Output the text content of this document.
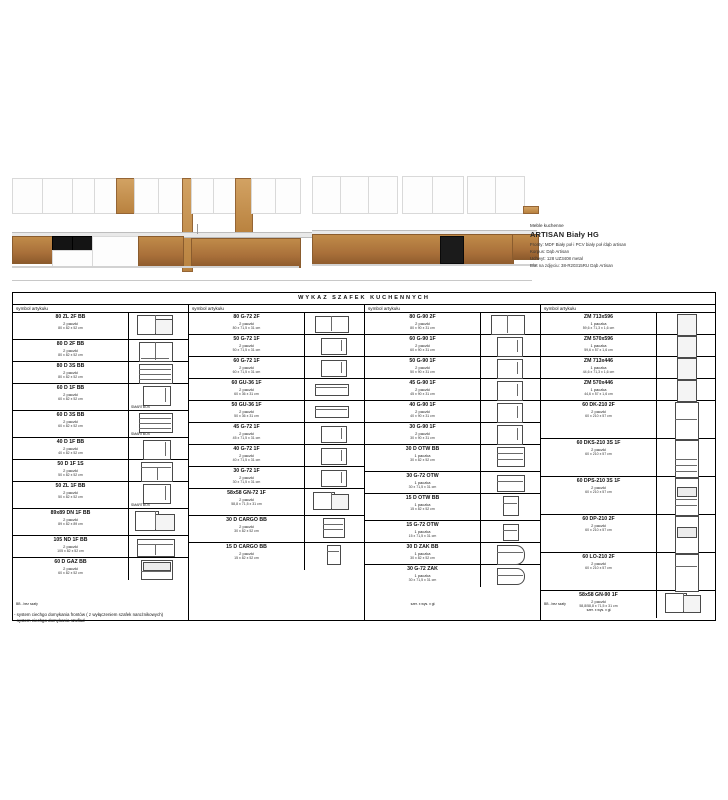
Meble kuchenne
ARTISAN Biały HG
Fronty: MDF Biały poł i PCV biały poł /dąb artisan
Korpus: Dąb Artisan
Uchwyt: 128 UZ3408 metal
Blat na zdjęciu: 38-R20315RU Dąb Artisan
WYKAZ SZAFEK KUCHENNYCH
symbol artykułu
80 ZL 2F BB
2 paczki
80 x 82 x 52 cm
80 D 2F BB
2 paczki
80 x 82 x 52 cm
80 D 3S BB
2 paczki
80 x 82 x 52 cm
60 D 1F BB
2 paczki
60 x 82 x 52 cm
SMARTBOX
60 D 3S BB
2 paczki
60 x 82 x 52 cm
SMARTBOX
40 D 1F BB
2 paczki
40 x 82 x 52 cm
50 D 1F 1S
2 paczki
50 x 82 x 52 cm
50 ZL 1F BB
2 paczki
50 x 82 x 52 cm
SMARTBOX
89x89 DN 1F BB
2 paczki
89 x 82 x 89 cm
105 ND 1F BB
2 paczki
105 x 82 x 52 cm
60 D GAZ BB
2 paczki
60 x 82 x 52 cm
BB - bez szafy
symbol artykułu
80 G-72 2F
2 paczki
80 x 71,5 x 31 cm
50 G-72 1F
2 paczki
50 x 71,5 x 31 cm
60 G-72 1F
2 paczki
60 x 71,5 x 31 cm
60 GU-36 1F
2 paczki
60 x 36 x 31 cm
50 GU-36 1F
2 paczki
50 x 36 x 31 cm
45 G-72 1F
2 paczki
45 x 71,5 x 31 cm
40 G-72 1F
2 paczki
40 x 71,5 x 31 cm
30 G-72 1F
2 paczki
30 x 71,5 x 31 cm
58x58 GN-72 1F
2 paczki
58,8 x 71,5 x 31 cm
30 D CARGO BB
2 paczki
30 x 82 x 52 cm
15 D CARGO BB
2 paczki
15 x 82 x 52 cm
symbol artykułu
80 G-90 2F
2 paczki
80 x 90 x 31 cm
60 G-90 1F
2 paczki
60 x 90 x 31 cm
50 G-90 1F
2 paczki
50 x 90 x 31 cm
45 G-90 1F
2 paczki
45 x 90 x 31 cm
40 G-90 1F
2 paczki
40 x 90 x 31 cm
30 G-90 1F
2 paczki
30 x 90 x 31 cm
30 D OTW BB
1 paczka
30 x 82 x 52 cm
30 G-72 OTW
1 paczka
30 x 71,5 x 31 cm
15 D OTW BB
1 paczka
15 x 82 x 52 cm
15 G-72 OTW
1 paczka
15 x 71,5 x 31 cm
30 D ZAK BB
1 paczka
30 x 82 x 52 cm
30 G-72 ZAK
1 paczka
30 x 71,5 x 31 cm
szer. x wys. x gł.
symbol artykułu
ZM 713x596
1 paczka
59,6 x 71,3 x 1,6 cm
ZM 570x596
1 paczka
59,6 x 57 x 1,6 cm
ZM 713x446
1 paczka
44,6 x 71,3 x 1,6 cm
ZM 570x446
1 paczka
44,6 x 57 x 1,6 cm
60 DK-210 2F
2 paczki
60 x 210 x 57 cm
60 DKS-210 3S 1F
2 paczki
60 x 210 x 57 cm
60 DPS-210 3S 1F
2 paczki
60 x 210 x 57 cm
60 DP-210 2F
2 paczki
60 x 210 x 57 cm
60 LO-210 2F
2 paczki
60 x 210 x 57 cm
58x58 GN-90 1F
2 paczki
58,8/58,8 x 71,5 x 31 cm
BB - bez szafy
szer. x wys. x gł.
- system ciechgo domykania frontów ( z wyłączeniem szafek narożnikowych)
- system ciechgo domykania szuflad
